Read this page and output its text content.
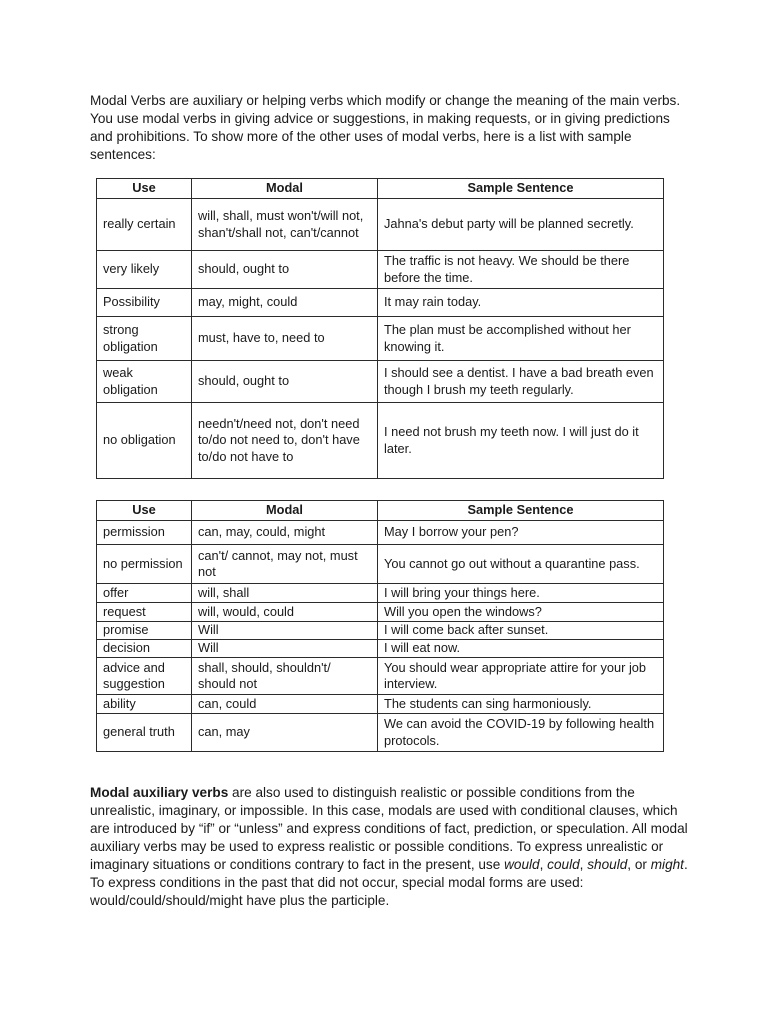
Modal Verbs are auxiliary or helping verbs which modify or change the meaning of the main verbs. You use modal verbs in giving advice or suggestions, in making requests, or in giving predictions and prohibitions. To show more of the other uses of modal verbs, here is a list with sample sentences:

Use	Modal	Sample Sentence
really certain	will, shall, must won't/will not, shan't/shall not, can't/cannot	Jahna's debut party will be planned secretly.
very likely	should, ought to	The traffic is not heavy. We should be there before the time.
Possibility	may, might, could	It may rain today.
strong obligation	must, have to, need to	The plan must be accomplished without her knowing it.
weak obligation	should, ought to	I should see a dentist. I have a bad breath even though I brush my teeth regularly.
no obligation	needn't/need not, don't need to/do not need to, don't have to/do not have to	I need not brush my teeth now. I will just do it later.
Use	Modal	Sample Sentence
permission	can, may, could, might	May I borrow your pen?
no permission	can't/ cannot, may not, must not	You cannot go out without a quarantine pass.
offer	will, shall	I will bring your things here.
request	will, would, could	Will you open the windows?
promise	Will	I will come back after sunset.
decision	Will	I will eat now.
advice and suggestion	shall, should, shouldn't/ should not	You should wear appropriate attire for your job interview.
ability	can, could	The students can sing harmoniously.
general truth	can, may	We can avoid the COVID-19 by following health protocols.

Modal auxiliary verbs are also used to distinguish realistic or possible conditions from the unrealistic, imaginary, or impossible. In this case, modals are used with conditional clauses, which are introduced by “if” or “unless” and express conditions of fact, prediction, or speculation. All modal auxiliary verbs may be used to express realistic or possible conditions. To express unrealistic or imaginary situations or conditions contrary to fact in the present, use would, could, should, or might. To express conditions in the past that did not occur, special modal forms are used: would/could/should/might have plus the participle.
